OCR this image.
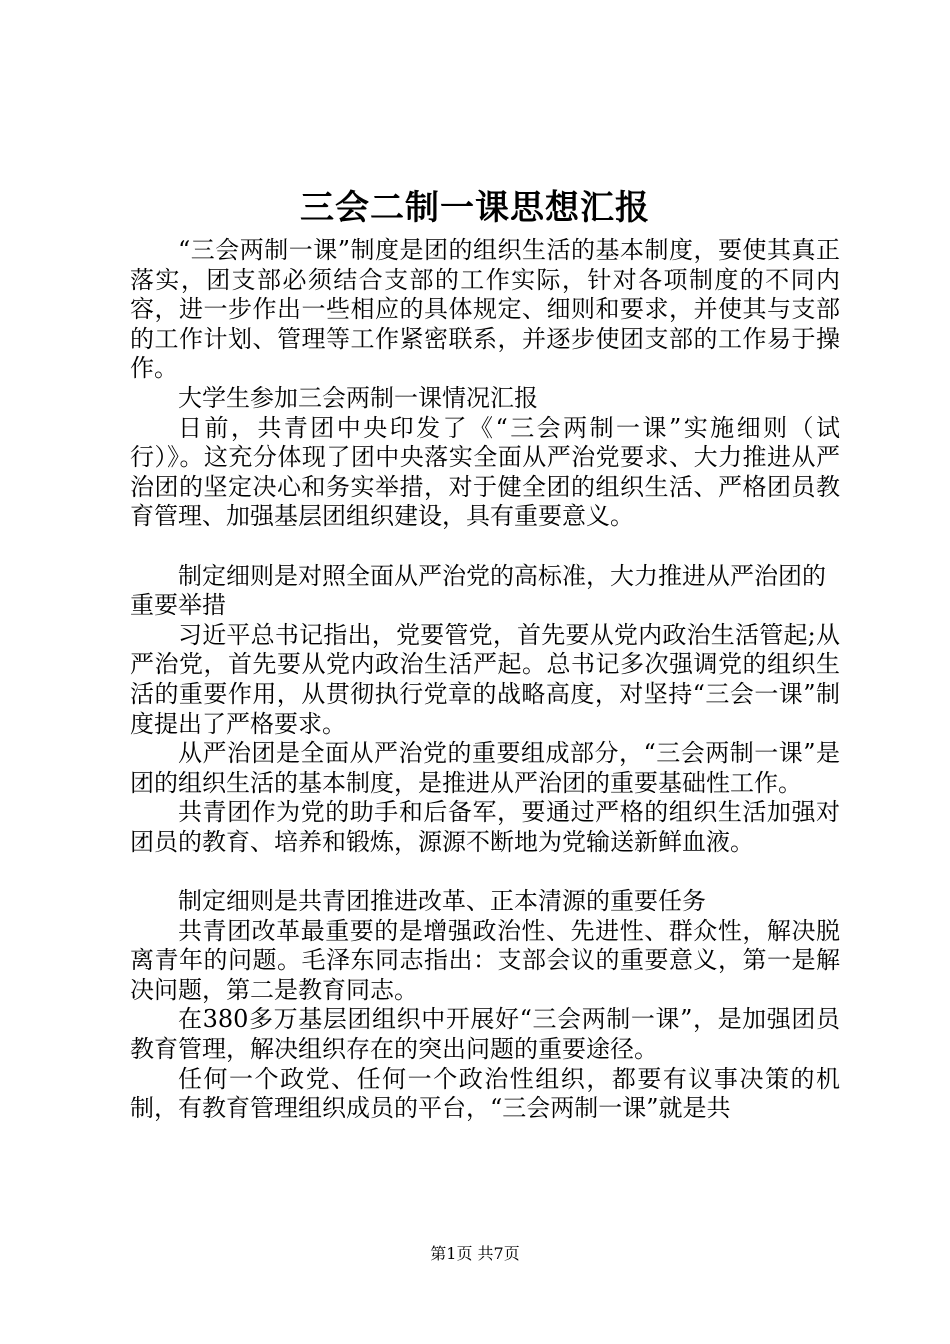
三会二制一课思想汇报

“三会两制一课”制度是团的组织生活的基本制度，要使其真正落实，团支部必须结合支部的工作实际，针对各项制度的不同内容，进一步作出一些相应的具体规定、细则和要求，并使其与支部的工作计划、管理等工作紧密联系，并逐步使团支部的工作易于操作。

大学生参加三会两制一课情况汇报

日前，共青团中央印发了《“三会两制一课”实施细则（试行）》。这充分体现了团中央落实全面从严治党要求、大力推进从严治团的坚定决心和务实举措，对于健全团的组织生活、严格团员教育管理、加强基层团组织建设，具有重要意义。

制定细则是对照全面从严治党的高标准，大力推进从严治团的重要举措

习近平总书记指出，党要管党，首先要从党内政治生活管起;从严治党，首先要从党内政治生活严起。总书记多次强调党的组织生活的重要作用，从贯彻执行党章的战略高度，对坚持“三会一课”制度提出了严格要求。

从严治团是全面从严治党的重要组成部分，“三会两制一课”是团的组织生活的基本制度，是推进从严治团的重要基础性工作。

共青团作为党的助手和后备军，要通过严格的组织生活加强对团员的教育、培养和锻炼，源源不断地为党输送新鲜血液。

制定细则是共青团推进改革、正本清源的重要任务

共青团改革最重要的是增强政治性、先进性、群众性，解决脱离青年的问题。毛泽东同志指出：支部会议的重要意义，第一是解决问题，第二是教育同志。

在380多万基层团组织中开展好“三会两制一课”，是加强团员教育管理，解决组织存在的突出问题的重要途径。

任何一个政党、任何一个政治性组织，都要有议事决策的机制，有教育管理组织成员的平台，“三会两制一课”就是共

第1页 共7页
